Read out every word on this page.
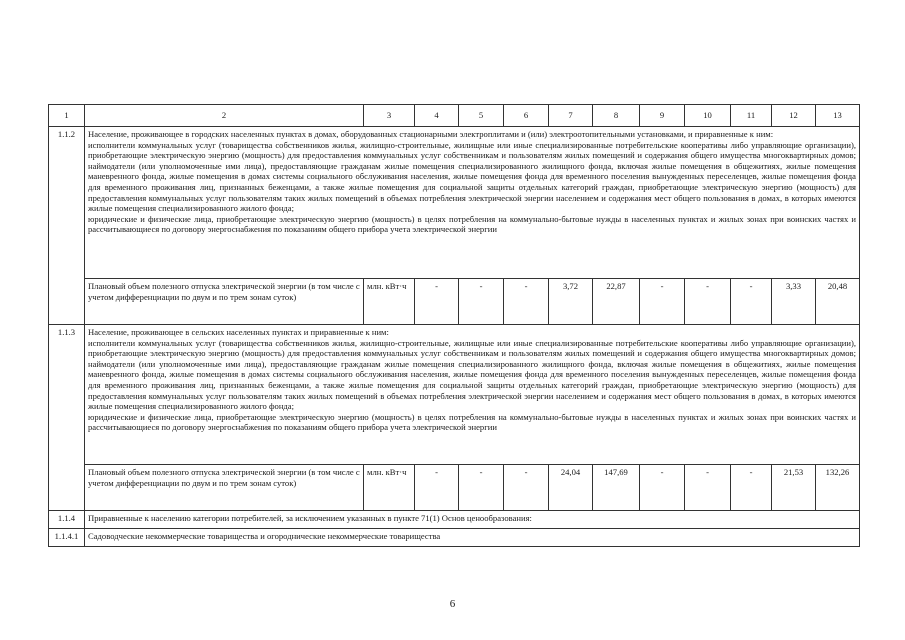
1	2	3	4	5	6	7	8	9	10	11	12	13
1.1.2	Население, проживающее в городских населенных пунктах в домах, оборудованных стационарными электроплитами и (или) электроотопительными установками, и приравненные к ним:
исполнители коммунальных услуг (товарищества собственников жилья, жилищно-строительные, жилищные или иные специализированные потребительские кооперативы либо управляющие организации), приобретающие электрическую энергию (мощность) для предоставления коммунальных услуг собственникам и пользователям жилых помещений и содержания общего имущества многоквартирных домов; наймодатели (или уполномоченные ими лица), предоставляющие гражданам жилые помещения специализированного жилищного фонда, включая жилые помещения в общежитиях, жилые помещения маневренного фонда, жилые помещения в домах системы социального обслуживания населения, жилые помещения фонда для временного поселения вынужденных переселенцев, жилые помещения фонда для временного проживания лиц, признанных беженцами, а также жилые помещения для социальной защиты отдельных категорий граждан, приобретающие электрическую энергию (мощность) для предоставления коммунальных услуг пользователям таких жилых помещений в объемах потребления электрической энергии населением и содержания мест общего пользования в домах, в которых имеются жилые помещения специализированного жилого фонда;
юридические и физические лица, приобретающие электрическую энергию (мощность) в целях потребления на коммунально-бытовые нужды в населенных пунктах и жилых зонах при воинских частях и рассчитывающиеся по договору энергоснабжения по показаниям общего прибора учета электрической энергии											

	Плановый объем полезного отпуска электрической энергии (в том числе с учетом дифференциации по двум и по трем зонам суток)	млн. кВт·ч	-	-	-	3,72	22,87	-	-	-	3,33	20,48
1.1.3	Население, проживающее в сельских населенных пунктах и приравненные к ним:
исполнители коммунальных услуг (товарищества собственников жилья, жилищно-строительные, жилищные или иные специализированные потребительские кооперативы либо управляющие организации), приобретающие электрическую энергию (мощность) для предоставления коммунальных услуг собственникам и пользователям жилых помещений и содержания общего имущества многоквартирных домов; наймодатели (или уполномоченные ими лица), предоставляющие гражданам жилые помещения специализированного жилищного фонда, включая жилые помещения в общежитиях, жилые помещения маневренного фонда, жилые помещения в домах системы социального обслуживания населения, жилые помещения фонда для временного поселения вынужденных переселенцев, жилые помещения фонда для временного проживания лиц, признанных беженцами, а также жилые помещения для социальной защиты отдельных категорий граждан, приобретающие электрическую энергию (мощность) для предоставления коммунальных услуг пользователям таких жилых помещений в объемах потребления электрической энергии населением и содержания мест общего пользования в домах, в которых имеются жилые помещения специализированного жилого фонда;
юридические и физические лица, приобретающие электрическую энергию (мощность) в целях потребления на коммунально-бытовые нужды в населенных пунктах и жилых зонах при воинских частях и рассчитывающиеся по договору энергоснабжения по показаниям общего прибора учета электрической энергии											

	Плановый объем полезного отпуска электрической энергии (в том числе с учетом дифференциации по двум и по трем зонам суток)	млн. кВт·ч	-	-	-	24,04	147,69	-	-	-	21,53	132,26
1.1.4	Приравненные к населению категории потребителей, за исключением указанных в пункте 71(1) Основ ценообразования:											
1.1.4.1	Садоводческие некоммерческие товарищества и огороднические некоммерческие товарищества											
6
